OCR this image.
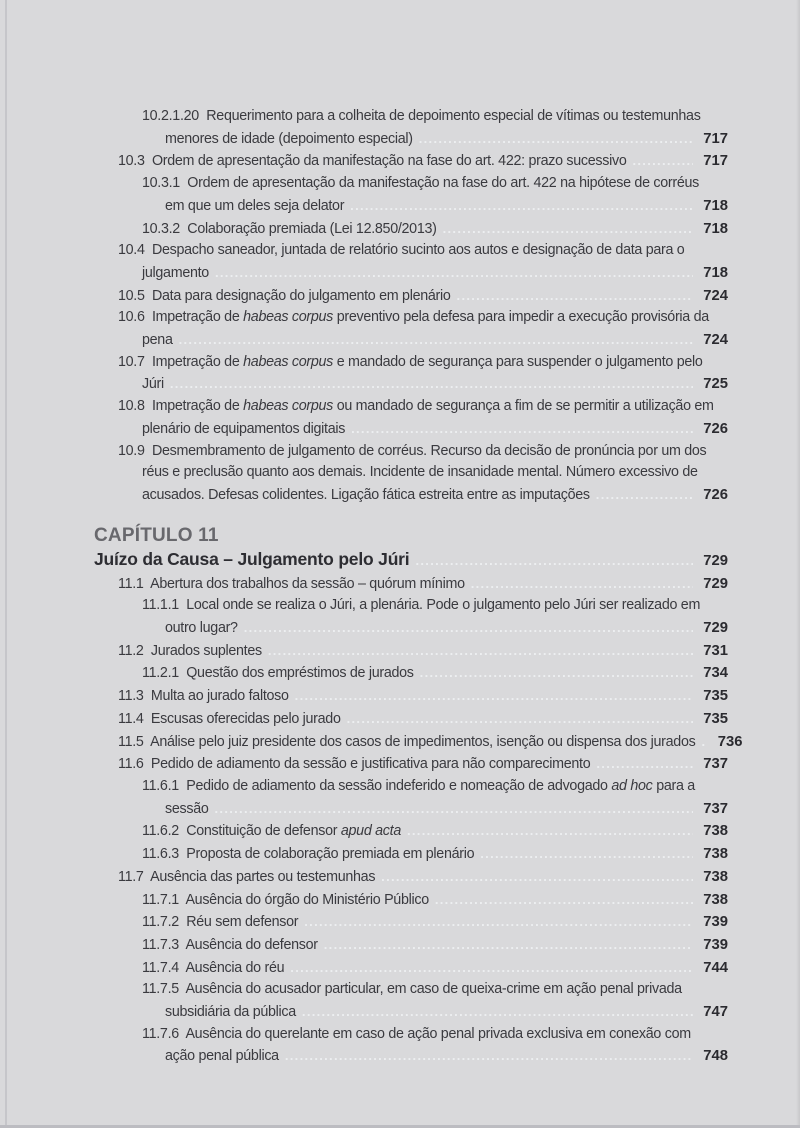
10.2.1.20  Requerimento para a colheita de depoimento especial de vítimas ou testemunhas
menores de idade (depoimento especial) .....	717
10.3  Ordem de apresentação da manifestação na fase do art. 422: prazo sucessivo .....	717
10.3.1  Ordem de apresentação da manifestação na fase do art. 422 na hipótese de corréus
em que um deles seja delator .....	718
10.3.2  Colaboração premiada (Lei 12.850/2013) .....	718
10.4  Despacho saneador, juntada de relatório sucinto aos autos e designação de data para o
julgamento .....	718
10.5  Data para designação do julgamento em plenário .....	724
10.6  Impetração de habeas corpus preventivo pela defesa para impedir a execução provisória da
pena .....	724
10.7  Impetração de habeas corpus e mandado de segurança para suspender o julgamento pelo
Júri .....	725
10.8  Impetração de habeas corpus ou mandado de segurança a fim de se permitir a utilização em
plenário de equipamentos digitais .....	726
10.9  Desmembramento de julgamento de corréus. Recurso da decisão de pronúncia por um dos
réus e preclusão quanto aos demais. Incidente de insanidade mental. Número excessivo de
acusados. Defesas colidentes. Ligação fática estreita entre as imputações .....	726
CAPÍTULO 11
Juízo da Causa – Julgamento pelo Júri .....	729
11.1  Abertura dos trabalhos da sessão – quórum mínimo .....	729
11.1.1  Local onde se realiza o Júri, a plenária. Pode o julgamento pelo Júri ser realizado em
outro lugar? .....	729
11.2  Jurados suplentes .....	731
11.2.1  Questão dos empréstimos de jurados .....	734
11.3  Multa ao jurado faltoso .....	735
11.4  Escusas oferecidas pelo jurado .....	735
11.5  Análise pelo juiz presidente dos casos de impedimentos, isenção ou dispensa dos jurados ..... 736
11.6  Pedido de adiamento da sessão e justificativa para não comparecimento .....	737
11.6.1  Pedido de adiamento da sessão indeferido e nomeação de advogado ad hoc para a
sessão .....	737
11.6.2  Constituição de defensor apud acta .....	738
11.6.3  Proposta de colaboração premiada em plenário .....	738
11.7  Ausência das partes ou testemunhas .....	738
11.7.1  Ausência do órgão do Ministério Público .....	738
11.7.2  Réu sem defensor .....	739
11.7.3  Ausência do defensor .....	739
11.7.4  Ausência do réu .....	744
11.7.5  Ausência do acusador particular, em caso de queixa-crime em ação penal privada
subsidiária da pública .....	747
11.7.6  Ausência do querelante em caso de ação penal privada exclusiva em conexão com
ação penal pública .....	748
